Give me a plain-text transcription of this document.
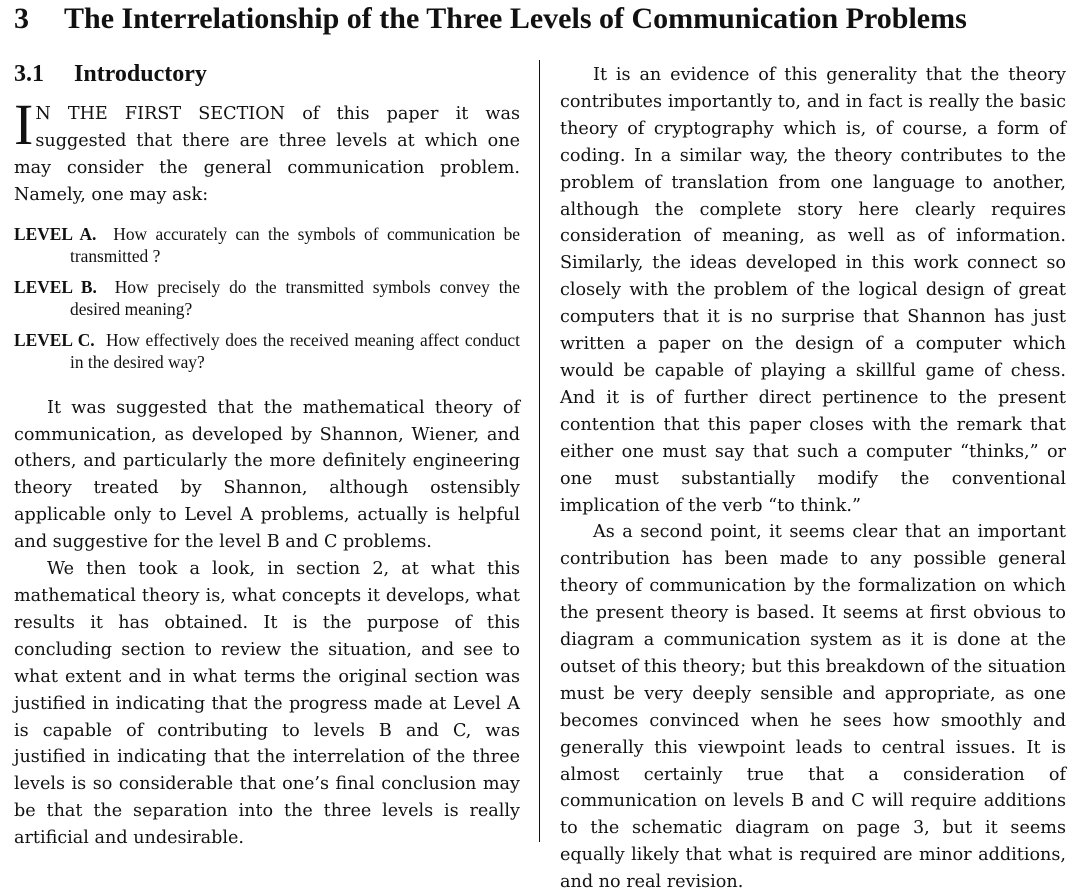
3 The Interrelationship of the Three Levels of Communication Problems
3.1 Introductory

IN THE FIRST SECTION of this paper it was suggested that there are three levels at which one may consider the general communication problem. Namely, one may ask:

LEVEL A. How accurately can the symbols of communication be transmitted ?
LEVEL B. How precisely do the transmitted symbols convey the desired meaning?
LEVEL C. How effectively does the received meaning affect conduct in the desired way?

It was suggested that the mathematical theory of communication, as developed by Shannon, Wiener, and others, and particularly the more definitely engineering theory treated by Shannon, although ostensibly applicable only to Level A problems, actually is helpful and suggestive for the level B and C problems.

We then took a look, in section 2, at what this mathematical theory is, what concepts it develops, what results it has obtained. It is the purpose of this concluding section to review the situation, and see to what extent and in what terms the original section was justified in indicating that the progress made at Level A is capable of contributing to levels B and C, was justified in indicating that the interrelation of the three levels is so considerable that one’s final conclusion may be that the separation into the three levels is really artificial and undesirable.

It is an evidence of this generality that the theory contributes importantly to, and in fact is really the basic theory of cryptography which is, of course, a form of coding. In a similar way, the theory contributes to the problem of translation from one language to another, although the complete story here clearly requires consideration of meaning, as well as of information. Similarly, the ideas developed in this work connect so closely with the problem of the logical design of great computers that it is no surprise that Shannon has just written a paper on the design of a computer which would be capable of playing a skillful game of chess. And it is of further direct pertinence to the present contention that this paper closes with the remark that either one must say that such a computer “thinks,” or one must substantially modify the conventional implication of the verb “to think.”

As a second point, it seems clear that an important contribution has been made to any possible general theory of communication by the formalization on which the present theory is based. It seems at first obvious to diagram a communication system as it is done at the outset of this theory; but this breakdown of the situation must be very deeply sensible and appropriate, as one becomes convinced when he sees how smoothly and generally this viewpoint leads to central issues. It is almost certainly true that a consideration of communication on levels B and C will require additions to the schematic diagram on page 3, but it seems equally likely that what is required are minor additions, and no real revision.
